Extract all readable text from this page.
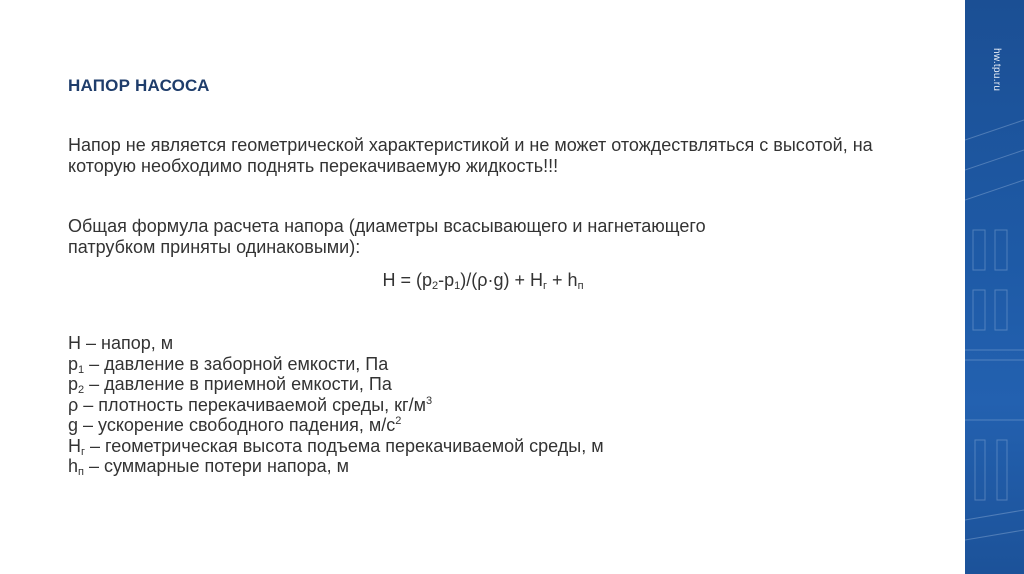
hw.tpu.ru
НАПОР НАСОСА
Напор не является геометрической характеристикой и не может отождествляться с высотой, на которую необходимо поднять перекачиваемую жидкость!!!
Общая формула расчета напора (диаметры всасывающего и нагнетающего
патрубком приняты одинаковыми):
$H = (p_2-p_1)/(\rho\cdot g) + H_г + h_п$
H – напор, м
$p_1$ – давление в заборной емкости, Па
$p_2$ – давление в приемной емкости, Па
ρ – плотность перекачиваемой среды, $кг/м^3$
g – ускорение свободного падения, $м/с^2$
$H_г$ – геометрическая высота подъема перекачиваемой среды, м
$h_п$ – суммарные потери напора, м
